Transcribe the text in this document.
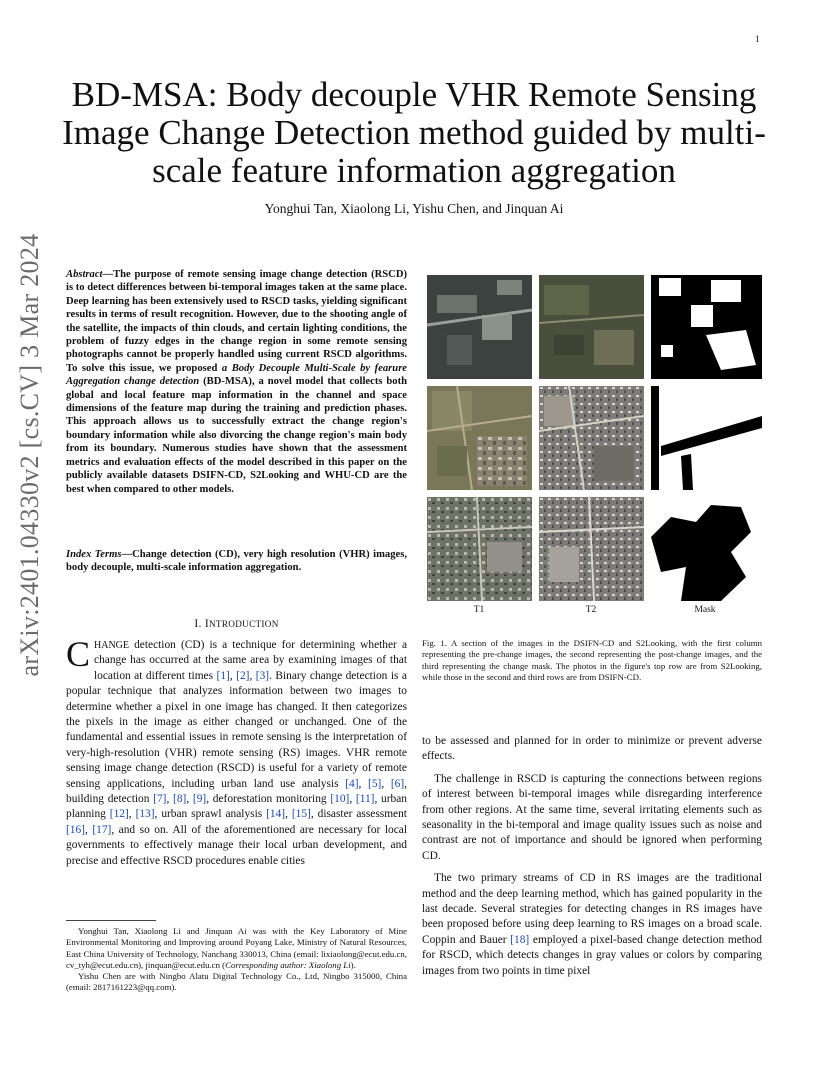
1
arXiv:2401.04330v2 [cs.CV] 3 Mar 2024
BD-MSA: Body decouple VHR Remote Sensing Image Change Detection method guided by multi-scale feature information aggregation
Yonghui Tan, Xiaolong Li, Yishu Chen, and Jinquan Ai
Abstract—The purpose of remote sensing image change detection (RSCD) is to detect differences between bi-temporal images taken at the same place. Deep learning has been extensively used to RSCD tasks, yielding significant results in terms of result recognition. However, due to the shooting angle of the satellite, the impacts of thin clouds, and certain lighting conditions, the problem of fuzzy edges in the change region in some remote sensing photographs cannot be properly handled using current RSCD algorithms. To solve this issue, we proposed a Body Decouple Multi-Scale by fearure Aggregation change detection (BD-MSA), a novel model that collects both global and local feature map information in the channel and space dimensions of the feature map during the training and prediction phases. This approach allows us to successfully extract the change region's boundary information while also divorcing the change region's main body from its boundary. Numerous studies have shown that the assessment metrics and evaluation effects of the model described in this paper on the publicly available datasets DSIFN-CD, S2Looking and WHU-CD are the best when compared to other models.
Index Terms—Change detection (CD), very high resolution (VHR) images, body decouple, multi-scale information aggregation.
I. INTRODUCTION
CHANGE detection (CD) is a technique for determining whether a change has occurred at the same area by examining images of that location at different times [1], [2], [3]. Binary change detection is a popular technique that analyzes information between two images to determine whether a pixel in one image has changed. It then categorizes the pixels in the image as either changed or unchanged. One of the fundamental and essential issues in remote sensing is the interpretation of very-high-resolution (VHR) remote sensing (RS) images. VHR remote sensing image change detection (RSCD) is useful for a variety of remote sensing applications, including urban land use analysis [4], [5], [6], building detection [7], [8], [9], deforestation monitoring [10], [11], urban planning [12], [13], urban sprawl analysis [14], [15], disaster assessment [16], [17], and so on. All of the aforementioned are necessary for local governments to effectively manage their local urban development, and precise and effective RSCD procedures enable cities

Yonghui Tan, Xiaolong Li and Jinquan Ai was with the Key Laboratory of Mine Environmental Monitoring and Improving around Poyang Lake, Ministry of Natural Resources, East China University of Technology, Nanchang 330013, China (email: lixiaolong@ecut.edu.cn, cv_tyh@ecut.edu.cn), jinquan@ecut.edu.cn (Corresponding author: Xiaolong Li).

Yishu Chen are with Ningbo Alatu Digital Technology Co., Ltd, Ningbo 315000, China (email: 2817161223@qq.com).

T1	T2	Mask
Fig. 1. A section of the images in the DSIFN-CD and S2Looking, with the first column representing the pre-change images, the second representing the post-change images, and the third representing the change mask. The photos in the figure's top row are from S2Looking, while those in the second and third rows are from DSIFN-CD.

to be assessed and planned for in order to minimize or prevent adverse effects.

The challenge in RSCD is capturing the connections between regions of interest between bi-temporal images while disregarding interference from other regions. At the same time, several irritating elements such as seasonality in the bi-temporal and image quality issues such as noise and contrast are not of importance and should be ignored when performing CD.

The two primary streams of CD in RS images are the traditional method and the deep learning method, which has gained popularity in the last decade. Several strategies for detecting changes in RS images have been proposed before using deep learning to RS images on a broad scale. Coppin and Bauer [18] employed a pixel-based change detection method for RSCD, which detects changes in gray values or colors by comparing images from two points in time pixel
